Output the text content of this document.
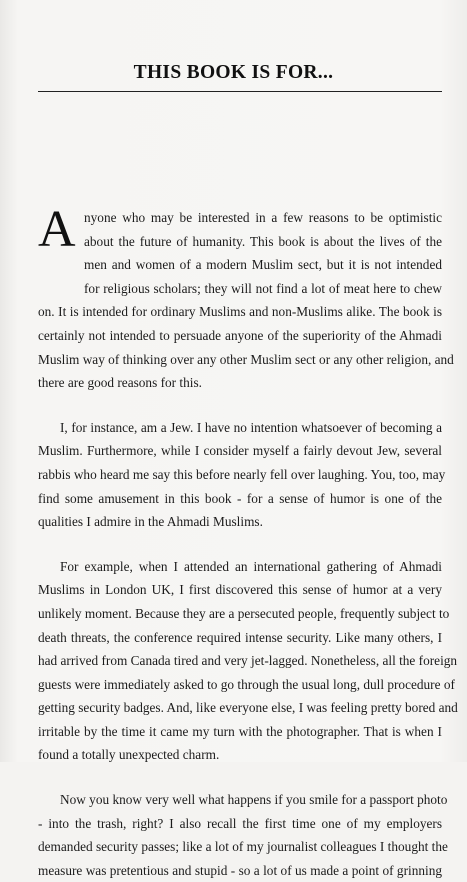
THIS BOOK IS FOR...
A nyone who may be interested in a few reasons to be optimistic
about the future of humanity. This book is about the lives of the
men and women of a modern Muslim sect, but it is not intended
for religious scholars; they will not find a lot of meat here to chew
on. It is intended for ordinary Muslims and non-Muslims alike. The book is
certainly not intended to persuade anyone of the superiority of the Ahmadi
Muslim way of thinking over any other Muslim sect or any other religion, and
there are good reasons for this.
I, for instance, am a Jew. I have no intention whatsoever of becoming a
Muslim. Furthermore, while I consider myself a fairly devout Jew, several
rabbis who heard me say this before nearly fell over laughing. You, too, may
find some amusement in this book - for a sense of humor is one of the
qualities I admire in the Ahmadi Muslims.
For example, when I attended an international gathering of Ahmadi
Muslims in London UK, I first discovered this sense of humor at a very
unlikely moment. Because they are a persecuted people, frequently subject to
death threats, the conference required intense security. Like many others, I
had arrived from Canada tired and very jet-lagged. Nonetheless, all the foreign
guests were immediately asked to go through the usual long, dull procedure of
getting security badges. And, like everyone else, I was feeling pretty bored and
irritable by the time it came my turn with the photographer. That is when I
found a totally unexpected charm.
Now you know very well what happens if you smile for a passport photo
- into the trash, right? I also recall the first time one of my employers
demanded security passes; like a lot of my journalist colleagues I thought the
measure was pretentious and stupid - so a lot of us made a point of grinning
